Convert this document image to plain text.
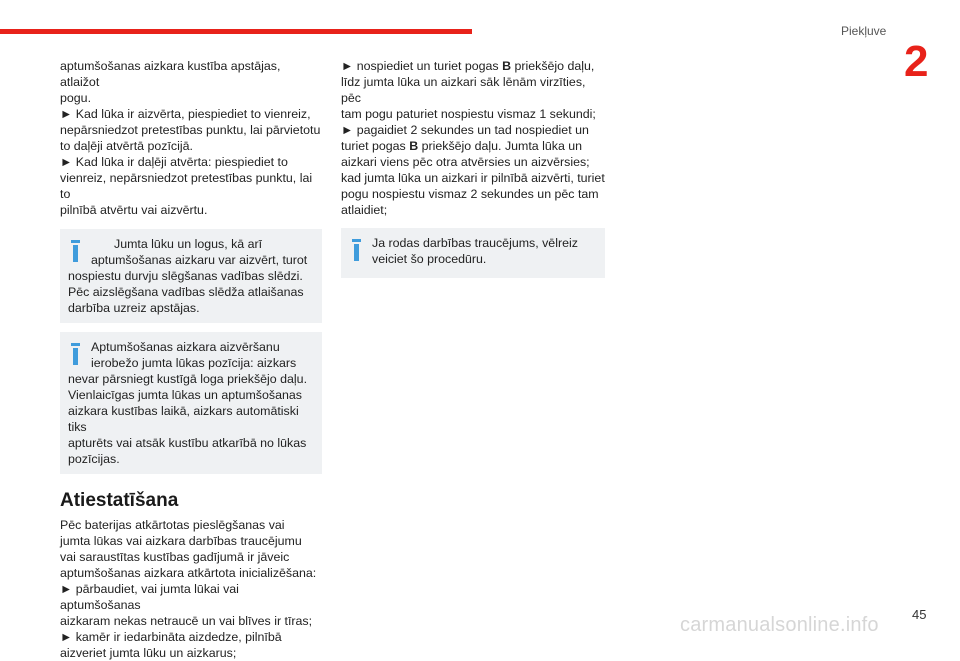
Piekļuve
2

aptumšošanas aizkara kustība apstājas, atlaižot
pogu.
► Kad lūka ir aizvērta, piespiediet to vienreiz,
nepārsniedzot pretestības punktu, lai pārvietotu
to daļēji atvērtā pozīcijā.
► Kad lūka ir daļēji atvērta: piespiediet to
vienreiz, nepārsniedzot pretestības punktu, lai to
pilnībā atvērtu vai aizvērtu.

Jumta lūku un logus, kā arī
aptumšošanas aizkaru var aizvērt, turot
nospiestu durvju slēgšanas vadības slēdzi.
Pēc aizslēgšana vadības slēdža atlaišanas
darbība uzreiz apstājas.

Aptumšošanas aizkara aizvēršanu
ierobežo jumta lūkas pozīcija: aizkars
nevar pārsniegt kustīgā loga priekšējo daļu.
Vienlaicīgas jumta lūkas un aptumšošanas
aizkara kustības laikā, aizkars automātiski tiks
apturēts vai atsāk kustību atkarībā no lūkas
pozīcijas.

Atiestatīšana

Pēc baterijas atkārtotas pieslēgšanas vai
jumta lūkas vai aizkara darbības traucējumu
vai saraustītas kustības gadījumā ir jāveic
aptumšošanas aizkara atkārtota inicializēšana:
► pārbaudiet, vai jumta lūkai vai aptumšošanas
aizkaram nekas netraucē un vai blīves ir tīras;
► kamēr ir iedarbināta aizdedze, pilnībā
aizveriet jumta lūku un aizkarus;

► nospiediet un turiet pogas B priekšējo daļu,
līdz jumta lūka un aizkari sāk lēnām virzīties, pēc
tam pogu paturiet nospiestu vismaz 1 sekundi;
► pagaidiet 2 sekundes un tad nospiediet un
turiet pogas B priekšējo daļu. Jumta lūka un
aizkari viens pēc otra atvērsies un aizvērsies;
kad jumta lūka un aizkari ir pilnībā aizvērti, turiet
pogu nospiestu vismaz 2 sekundes un pēc tam
atlaidiet;

Ja rodas darbības traucējums, vēlreiz
veiciet šo procedūru.

45
carmanualsonline.info
